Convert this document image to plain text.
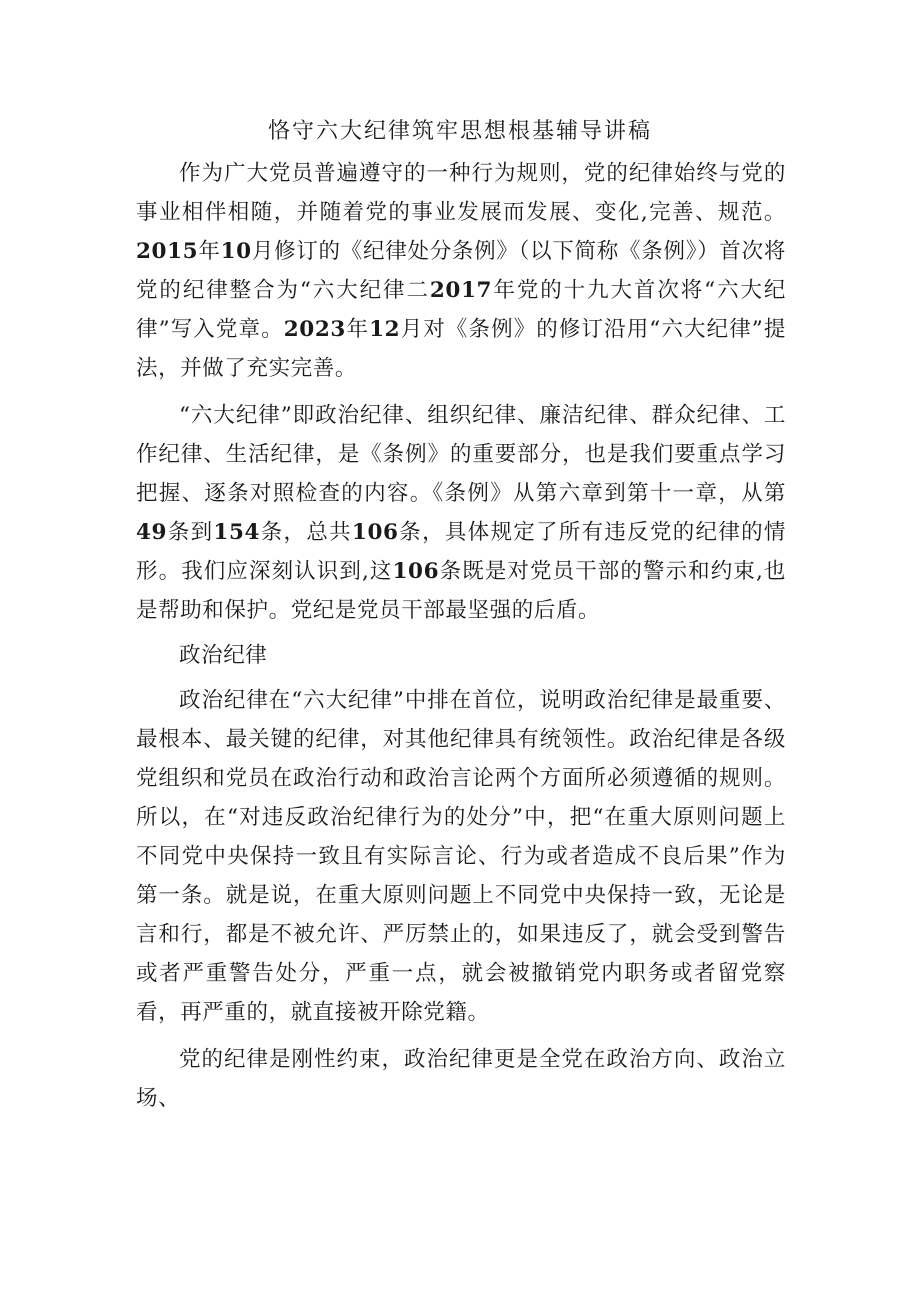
恪守六大纪律筑牢思想根基辅导讲稿

作为广大党员普遍遵守的一种行为规则，党的纪律始终与党的事业相伴相随，并随着党的事业发展而发展、变化,完善、规范。2015年10月修订的《纪律处分条例》（以下简称《条例》）首次将党的纪律整合为“六大纪律二2017年党的十九大首次将“六大纪律”写入党章。2023年12月对《条例》的修订沿用“六大纪律”提法，并做了充实完善。

“六大纪律”即政治纪律、组织纪律、廉洁纪律、群众纪律、工作纪律、生活纪律，是《条例》的重要部分，也是我们要重点学习把握、逐条对照检查的内容。《条例》从第六章到第十一章，从第49条到154条，总共106条，具体规定了所有违反党的纪律的情形。我们应深刻认识到,这106条既是对党员干部的警示和约束,也是帮助和保护。党纪是党员干部最坚强的后盾。

政治纪律

政治纪律在“六大纪律”中排在首位，说明政治纪律是最重要、最根本、最关键的纪律，对其他纪律具有统领性。政治纪律是各级党组织和党员在政治行动和政治言论两个方面所必须遵循的规则。所以，在“对违反政治纪律行为的处分”中，把“在重大原则问题上不同党中央保持一致且有实际言论、行为或者造成不良后果”作为第一条。就是说，在重大原则问题上不同党中央保持一致，无论是言和行，都是不被允许、严厉禁止的，如果违反了，就会受到警告或者严重警告处分，严重一点，就会被撤销党内职务或者留党察看，再严重的，就直接被开除党籍。

党的纪律是刚性约束，政治纪律更是全党在政治方向、政治立场、
